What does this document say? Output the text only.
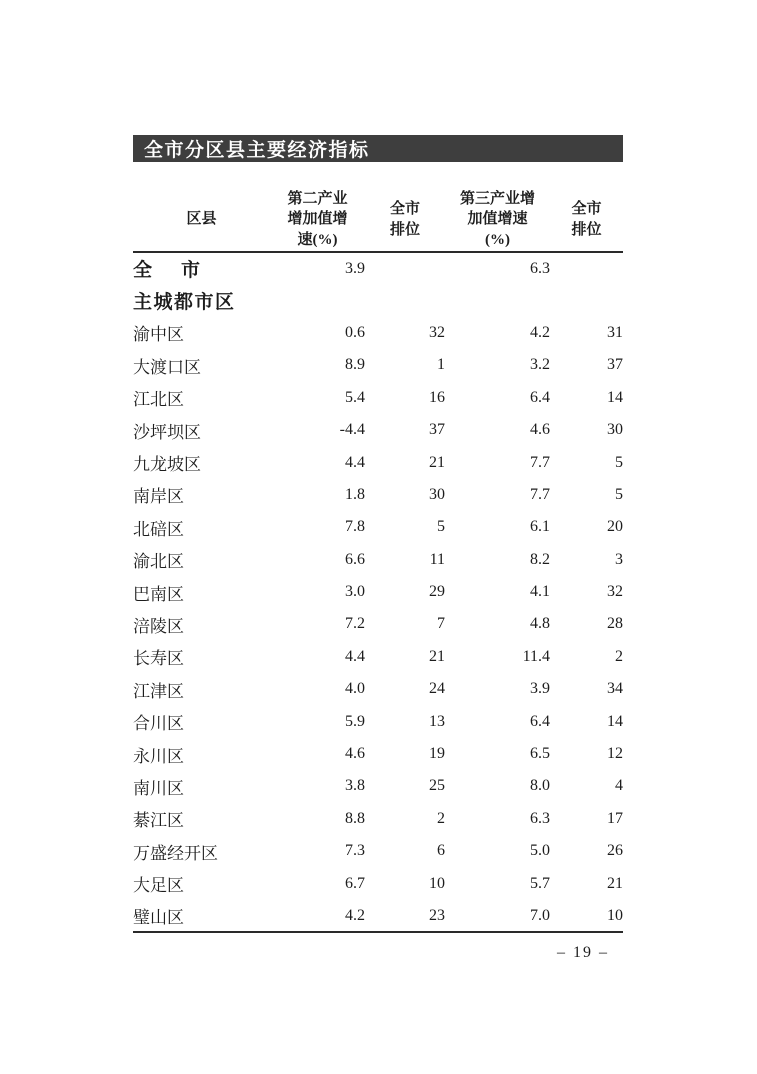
全市分区县主要经济指标
区县	第二产业增加值增速(%)	全市排位	第三产业增加值增速(%)	全市排位

全　市	3.9		6.3	
主城都市区				
渝中区	0.6	32	4.2	31
大渡口区	8.9	1	3.2	37
江北区	5.4	16	6.4	14
沙坪坝区	-4.4	37	4.6	30
九龙坡区	4.4	21	7.7	5
南岸区	1.8	30	7.7	5
北碚区	7.8	5	6.1	20
渝北区	6.6	11	8.2	3
巴南区	3.0	29	4.1	32
涪陵区	7.2	7	4.8	28
长寿区	4.4	21	11.4	2
江津区	4.0	24	3.9	34
合川区	5.9	13	6.4	14
永川区	4.6	19	6.5	12
南川区	3.8	25	8.0	4
綦江区	8.8	2	6.3	17
万盛经开区	7.3	6	5.0	26
大足区	6.7	10	5.7	21
璧山区	4.2	23	7.0	10
– 19 –
